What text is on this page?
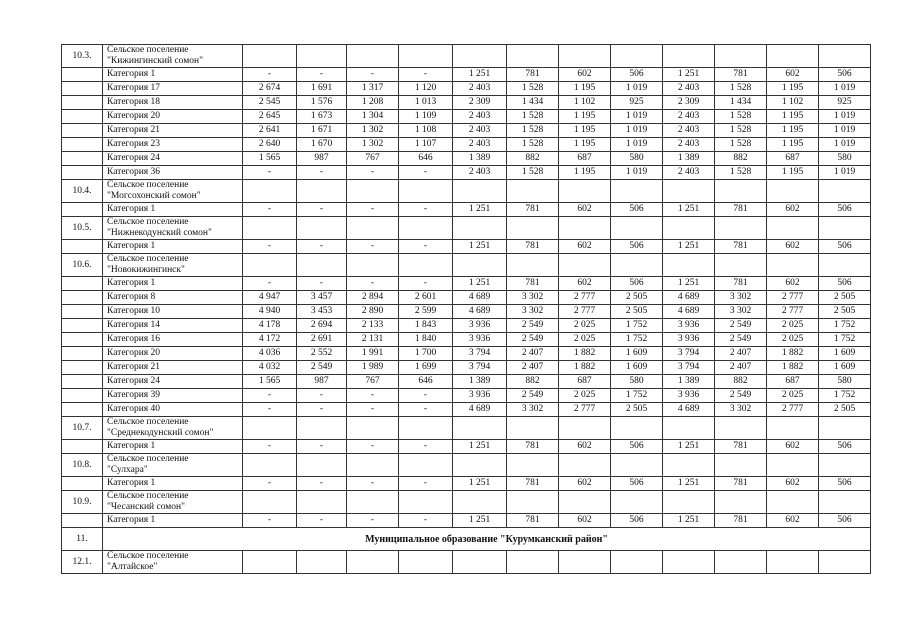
10.3.	Сельское поселение
"Кижингинский сомон"												

	Категория 1	-	-	-	-	1 251	781	602	506	1 251	781	602	506
	Категория 17	2 674	1 691	1 317	1 120	2 403	1 528	1 195	1 019	2 403	1 528	1 195	1 019
	Категория 18	2 545	1 576	1 208	1 013	2 309	1 434	1 102	925	2 309	1 434	1 102	925
	Категория 20	2 645	1 673	1 304	1 109	2 403	1 528	1 195	1 019	2 403	1 528	1 195	1 019
	Категория 21	2 641	1 671	1 302	1 108	2 403	1 528	1 195	1 019	2 403	1 528	1 195	1 019
	Категория 23	2 640	1 670	1 302	1 107	2 403	1 528	1 195	1 019	2 403	1 528	1 195	1 019
	Категория 24	1 565	987	767	646	1 389	882	687	580	1 389	882	687	580
	Категория 36	-	-	-	-	2 403	1 528	1 195	1 019	2 403	1 528	1 195	1 019
10.4.	Сельское поселение
"Могсохонский сомон"												

	Категория 1	-	-	-	-	1 251	781	602	506	1 251	781	602	506
10.5.	Сельское поселение
"Нижнекодунский сомон"												

	Категория 1	-	-	-	-	1 251	781	602	506	1 251	781	602	506
10.6.	Сельское поселение
"Новокижингинск"												

	Категория 1	-	-	-	-	1 251	781	602	506	1 251	781	602	506
	Категория 8	4 947	3 457	2 894	2 601	4 689	3 302	2 777	2 505	4 689	3 302	2 777	2 505
	Категория 10	4 940	3 453	2 890	2 599	4 689	3 302	2 777	2 505	4 689	3 302	2 777	2 505
	Категория 14	4 178	2 694	2 133	1 843	3 936	2 549	2 025	1 752	3 936	2 549	2 025	1 752
	Категория 16	4 172	2 691	2 131	1 840	3 936	2 549	2 025	1 752	3 936	2 549	2 025	1 752
	Категория 20	4 036	2 552	1 991	1 700	3 794	2 407	1 882	1 609	3 794	2 407	1 882	1 609
	Категория 21	4 032	2 549	1 989	1 699	3 794	2 407	1 882	1 609	3 794	2 407	1 882	1 609
	Категория 24	1 565	987	767	646	1 389	882	687	580	1 389	882	687	580
	Категория 39	-	-	-	-	3 936	2 549	2 025	1 752	3 936	2 549	2 025	1 752
	Категория 40	-	-	-	-	4 689	3 302	2 777	2 505	4 689	3 302	2 777	2 505
10.7.	Сельское поселение
"Среднекодунский сомон"												

	Категория 1	-	-	-	-	1 251	781	602	506	1 251	781	602	506
10.8.	Сельское поселение
"Сулхара"												

	Категория 1	-	-	-	-	1 251	781	602	506	1 251	781	602	506
10.9.	Сельское поселение
"Чесанский сомон"												

	Категория 1	-	-	-	-	1 251	781	602	506	1 251	781	602	506
11.	Муниципальное образование "Курумканский район"												
12.1.	Сельское поселение
"Алтайское"												
